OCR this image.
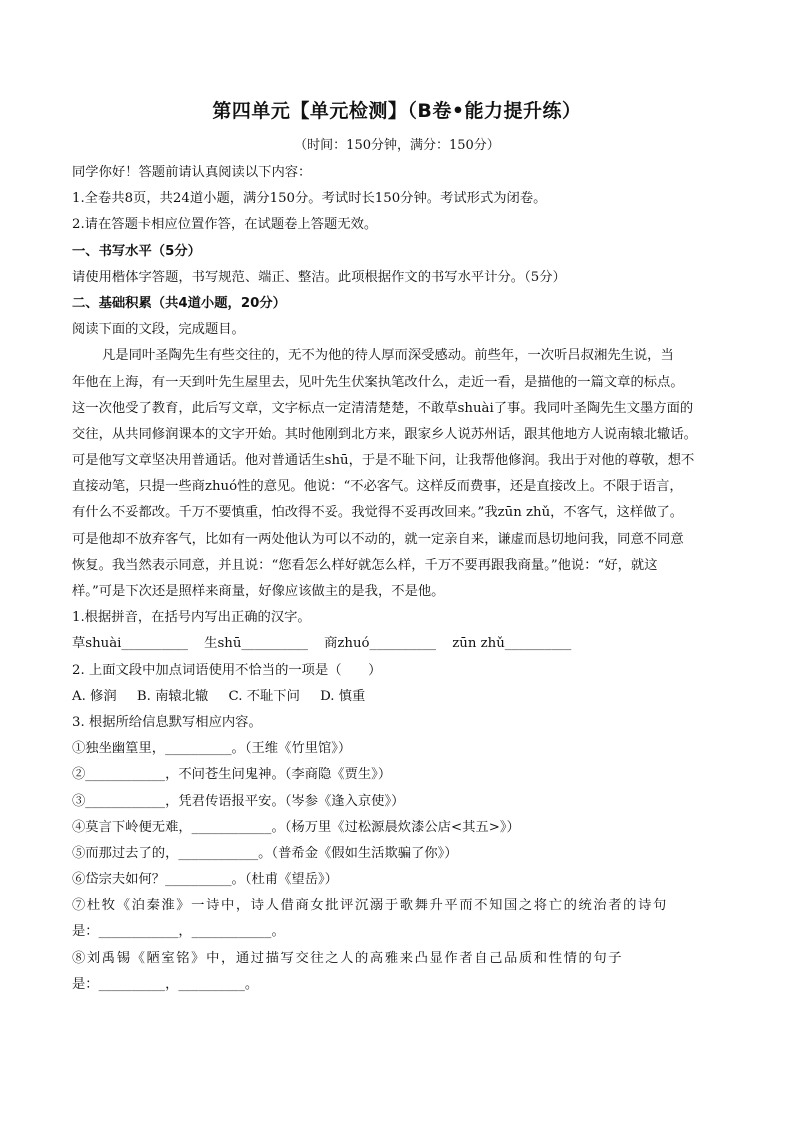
第四单元【单元检测】（B卷•能力提升练）
（时间：150分钟，满分：150分）
同学你好！答题前请认真阅读以下内容：
1.全卷共8页，共24道小题，满分150分。考试时长150分钟。考试形式为闭卷。
2.请在答题卡相应位置作答，在试题卷上答题无效。
一、书写水平（5分）
请使用楷体字答题，书写规范、端正、整洁。此项根据作文的书写水平计分。（5分）
二、基础积累（共4道小题，20分）
阅读下面的文段，完成题目。
凡是同叶圣陶先生有些交往的，无不为他的待人厚而深受感动。前些年，一次听吕叔湘先生说，当
年他在上海，有一天到叶先生屋里去，见叶先生伏案执笔改什么，走近一看，是描他的一篇文章的标点。
这一次他受了教育，此后写文章，文字标点一定清清楚楚，不敢草shuài了事。我同叶圣陶先生文墨方面的
交往，从共同修润课本的文字开始。其时他刚到北方来，跟家乡人说苏州话，跟其他地方人说南辕北辙话。
可是他写文章坚决用普通话。他对普通话生shū，于是不耻下问，让我帮他修润。我出于对他的尊敬，想不
直接动笔，只提一些商zhuó性的意见。他说：“不必客气。这样反而费事，还是直接改上。不限于语言，
有什么不妥都改。千万不要慎重，怕改得不妥。我觉得不妥再改回来。”我zūn zhǔ，不客气，这样做了。
可是他却不放弃客气，比如有一两处他认为可以不动的，就一定亲自来，谦虚而恳切地问我，同意不同意
恢复。我当然表示同意，并且说：“您看怎么样好就怎么样，千万不要再跟我商量。”他说：“好，就这
样。”可是下次还是照样来商量，好像应该做主的是我，不是他。
1.根据拼音，在括号内写出正确的汉字。
草shuài__________ 生shū__________ 商zhuó__________ zūn zhǔ__________
2. 上面文段中加点词语使用不恰当的一项是（　　）
A. 修润 B. 南辕北辙 C. 不耻下问 D. 慎重
3. 根据所给信息默写相应内容。
①独坐幽篁里，__________。（王维《竹里馆》）
②____________，不问苍生问鬼神。（李商隐《贾生》）
③____________，凭君传语报平安。（岑参《逢入京使》）
④莫言下岭便无难，____________。（杨万里《过松源晨炊漆公店<其五>》）
⑤而那过去了的，____________。（普希金《假如生活欺骗了你》）
⑥岱宗夫如何？__________。（杜甫《望岳》）
⑦杜牧《泊秦淮》一诗中，诗人借商女批评沉溺于歌舞升平而不知国之将亡的统治者的诗句
是：____________，____________。
⑧刘禹锡《陋室铭》中，通过描写交往之人的高雅来凸显作者自己品质和性情的句子
是：__________，__________。
